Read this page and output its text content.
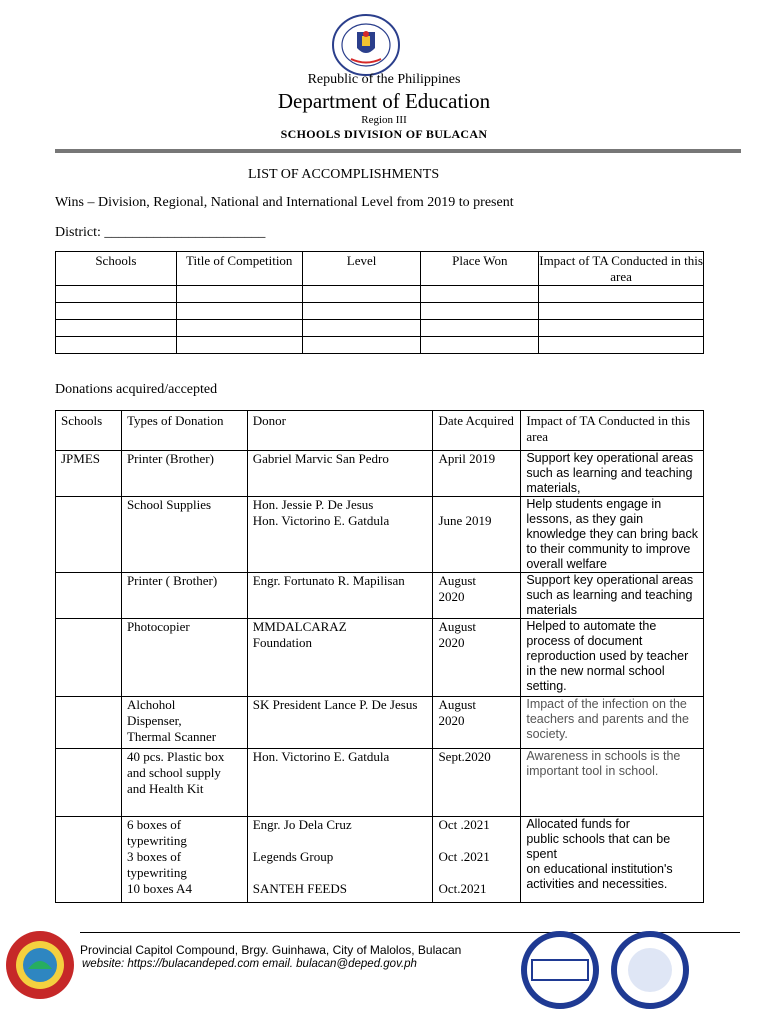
Republic of the Philippines
Department of Education
Region III
SCHOOLS DIVISION OF BULACAN
LIST OF ACCOMPLISHMENTS
Wins – Division, Regional, National and International Level from 2019 to present
District: _______________________
Schools	Title of Competition	Level	Place Won	Impact of TA Conducted in this area

Donations acquired/accepted
Schools	Types of Donation	Donor	Date Acquired	Impact of TA Conducted in this area
JPMES	Printer (Brother)	Gabriel Marvic San Pedro	April 2019	Support key operational areas such as learning and teaching materials,
	School Supplies	Hon. Jessie P. De Jesus
Hon. Victorino E. Gatdula	
June 2019	Help students engage in lessons, as they gain knowledge they can bring back to their community to improve overall welfare
	Printer ( Brother)	Engr. Fortunato R. Mapilisan	August
2020	Support key operational areas such as learning and teaching materials
	Photocopier	MMDALCARAZ
Foundation	August
2020	Helped to automate the process of document reproduction used by teacher in the new normal school setting.
	Alchohol
Dispenser,
Thermal Scanner	SK President Lance P. De Jesus	August
2020	Impact of the infection on the teachers and parents and the society.
	40 pcs. Plastic box and school supply and Health Kit	Hon. Victorino E. Gatdula	Sept.2020	Awareness in schools is the important tool in school.
	6 boxes of
typewriting
3 boxes of
typewriting
10 boxes A4	Engr. Jo Dela Cruz

Legends Group

SANTEH FEEDS	Oct .2021

Oct .2021

Oct.2021	Allocated funds for
public schools that can be spent
on educational institution's activities and necessities.
Provincial Capitol Compound, Brgy. Guinhawa, City of Malolos, Bulacan
website: https://bulacandeped.com email. bulacan@deped.gov.ph
